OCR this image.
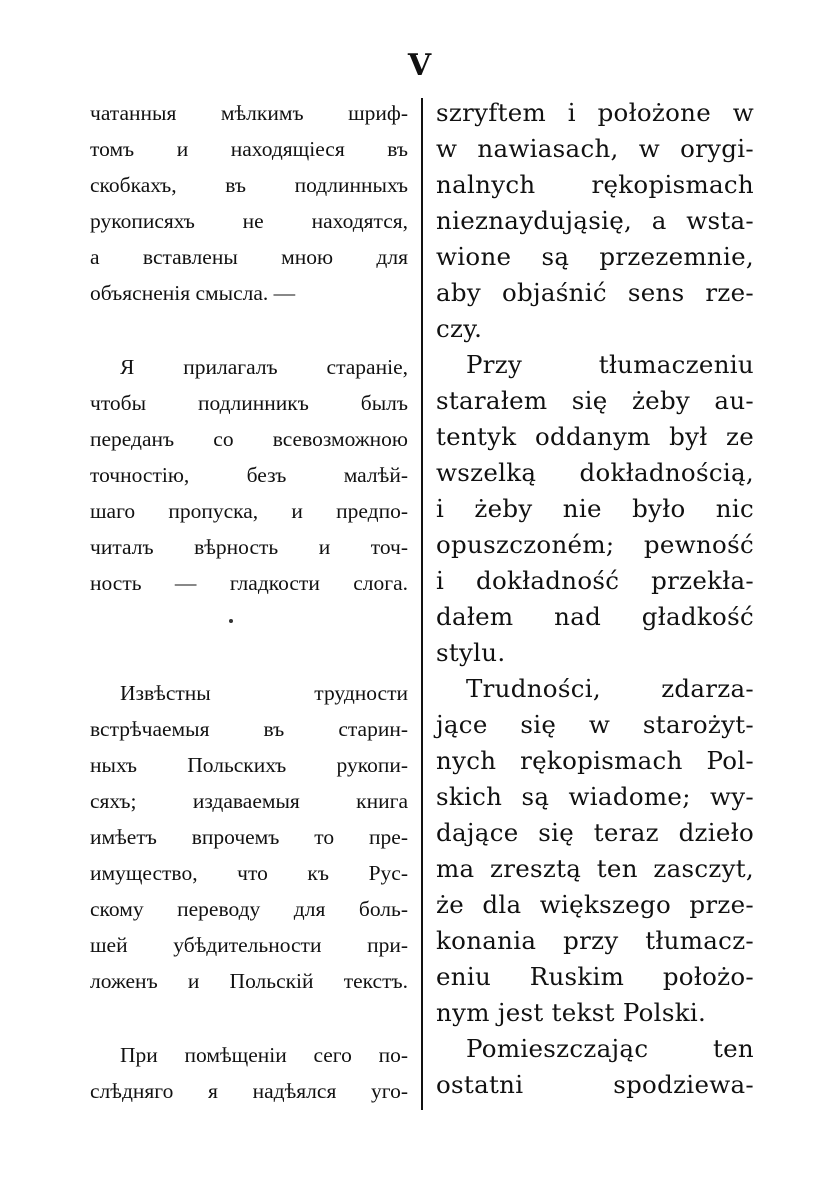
V
чатанныя мѣлкимъ шриф-
томъ и находящіеся въ
скобкахъ, въ подлинныхъ
рукописяхъ не находятся,
а вставлены мною для
объясненія смысла. —
Я прилагалъ стараніе,
чтобы подлинникъ былъ
переданъ со всевозможною
точностію, безъ малѣй-
шаго пропуска, и предпо-
читалъ вѣрность и точ-
ность — гладкости слога.
Извѣстны трудности
встрѣчаемыя въ старин-
ныхъ Польскихъ рукопи-
сяхъ; издаваемыя книга
имѣетъ впрочемъ то пре-
имущество, что къ Рус-
скому переводу для боль-
шей убѣдительности при-
ложенъ и Польскій текстъ.
При помѣщеніи сего по-
слѣдняго я надѣялся уго-
szryftem i położone w
w nawiasach, w orygi-
nalnych rękopismach
nieznaydująsię, a wsta-
wione są przezemnie,
aby objaśnić sens rze-
czy.
Przy tłumaczeniu
starałem się żeby au-
tentyk oddanym był ze
wszelką dokładnością,
i żeby nie było nic
opuszczoném; pewność
i dokładność przekła-
dałem nad gładkość
stylu.
Trudności, zdarza-
jące się w starożyt-
nych rękopismach Pol-
skich są wiadome; wy-
dające się teraz dzieło
ma zresztą ten zasczyt,
że dla większego prze-
konania przy tłumacz-
eniu Ruskim położo-
nym jest tekst Polski.
Pomieszczając ten
ostatni spodziewa-
